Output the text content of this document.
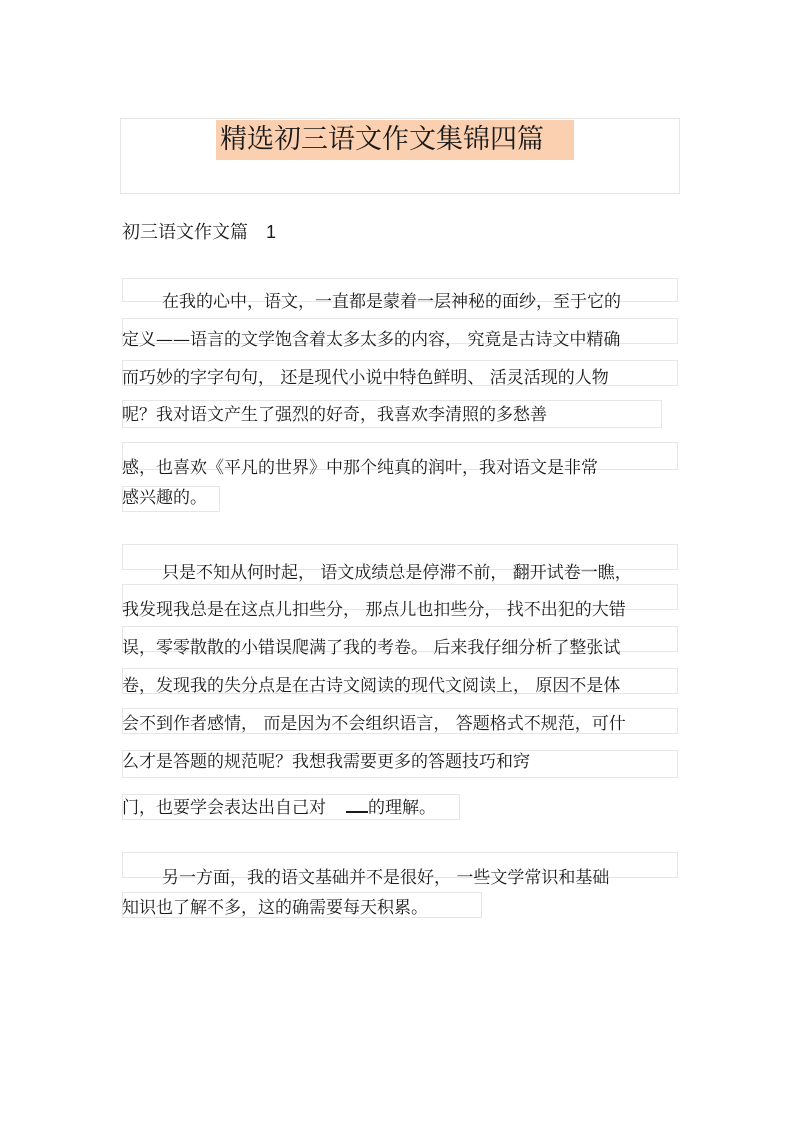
精选初三语文作文集锦四篇
初三语文作文篇 1
在我的心中，语文，一直都是蒙着一层神秘的面纱，至于它的
定义——语言的文学饱含着太多太多的内容， 究竟是古诗文中精确
而巧妙的字字句句， 还是现代小说中特色鲜明、 活灵活现的人物
呢？我对语文产生了强烈的好奇，我喜欢李清照的多愁善
感，也喜欢《平凡的世界》中那个纯真的润叶，我对语文是非常
感兴趣的。
只是不知从何时起， 语文成绩总是停滞不前， 翻开试卷一瞧，
我发现我总是在这点儿扣些分， 那点儿也扣些分， 找不出犯的大错
误，零零散散的小错误爬满了我的考卷。 后来我仔细分析了整张试
卷，发现我的失分点是在古诗文阅读的现代文阅读上， 原因不是体
会不到作者感情， 而是因为不会组织语言， 答题格式不规范，可什
么才是答题的规范呢？我想我需要更多的答题技巧和窍
门，也要学会表达出自己对 的理解。
另一方面，我的语文基础并不是很好， 一些文学常识和基础
知识也了解不多，这的确需要每天积累。
